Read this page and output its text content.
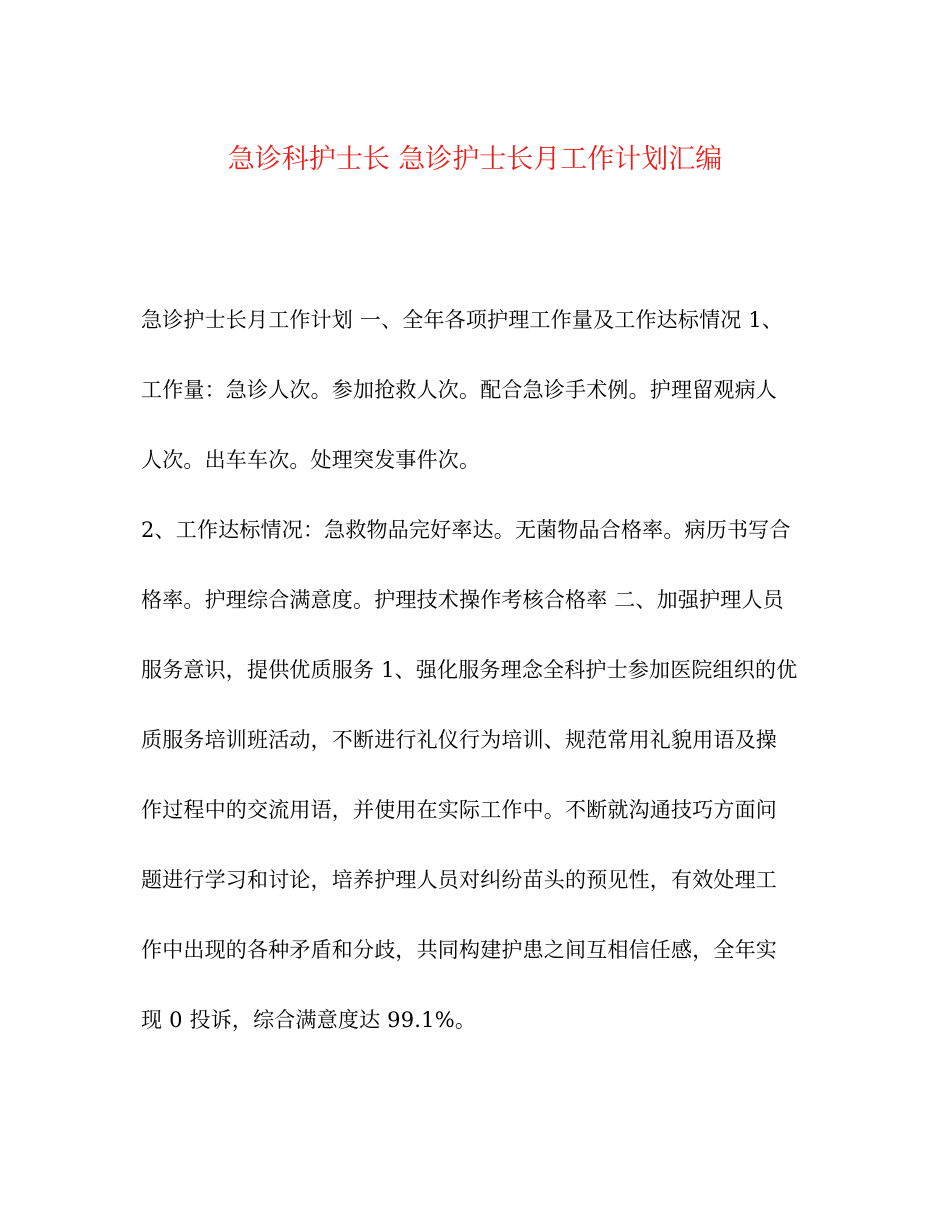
急诊科护士长 急诊护士长月工作计划汇编
急诊护士长月工作计划 一、全年各项护理工作量及工作达标情况 1、
工作量：急诊人次。参加抢救人次。配合急诊手术例。护理留观病人
人次。出车车次。处理突发事件次。
2、工作达标情况：急救物品完好率达。无菌物品合格率。病历书写合
格率。护理综合满意度。护理技术操作考核合格率 二、加强护理人员
服务意识，提供优质服务 1、强化服务理念全科护士参加医院组织的优
质服务培训班活动，不断进行礼仪行为培训、规范常用礼貌用语及操
作过程中的交流用语，并使用在实际工作中。不断就沟通技巧方面问
题进行学习和讨论，培养护理人员对纠纷苗头的预见性，有效处理工
作中出现的各种矛盾和分歧，共同构建护患之间互相信任感，全年实
现 0 投诉，综合满意度达 99.1%。
